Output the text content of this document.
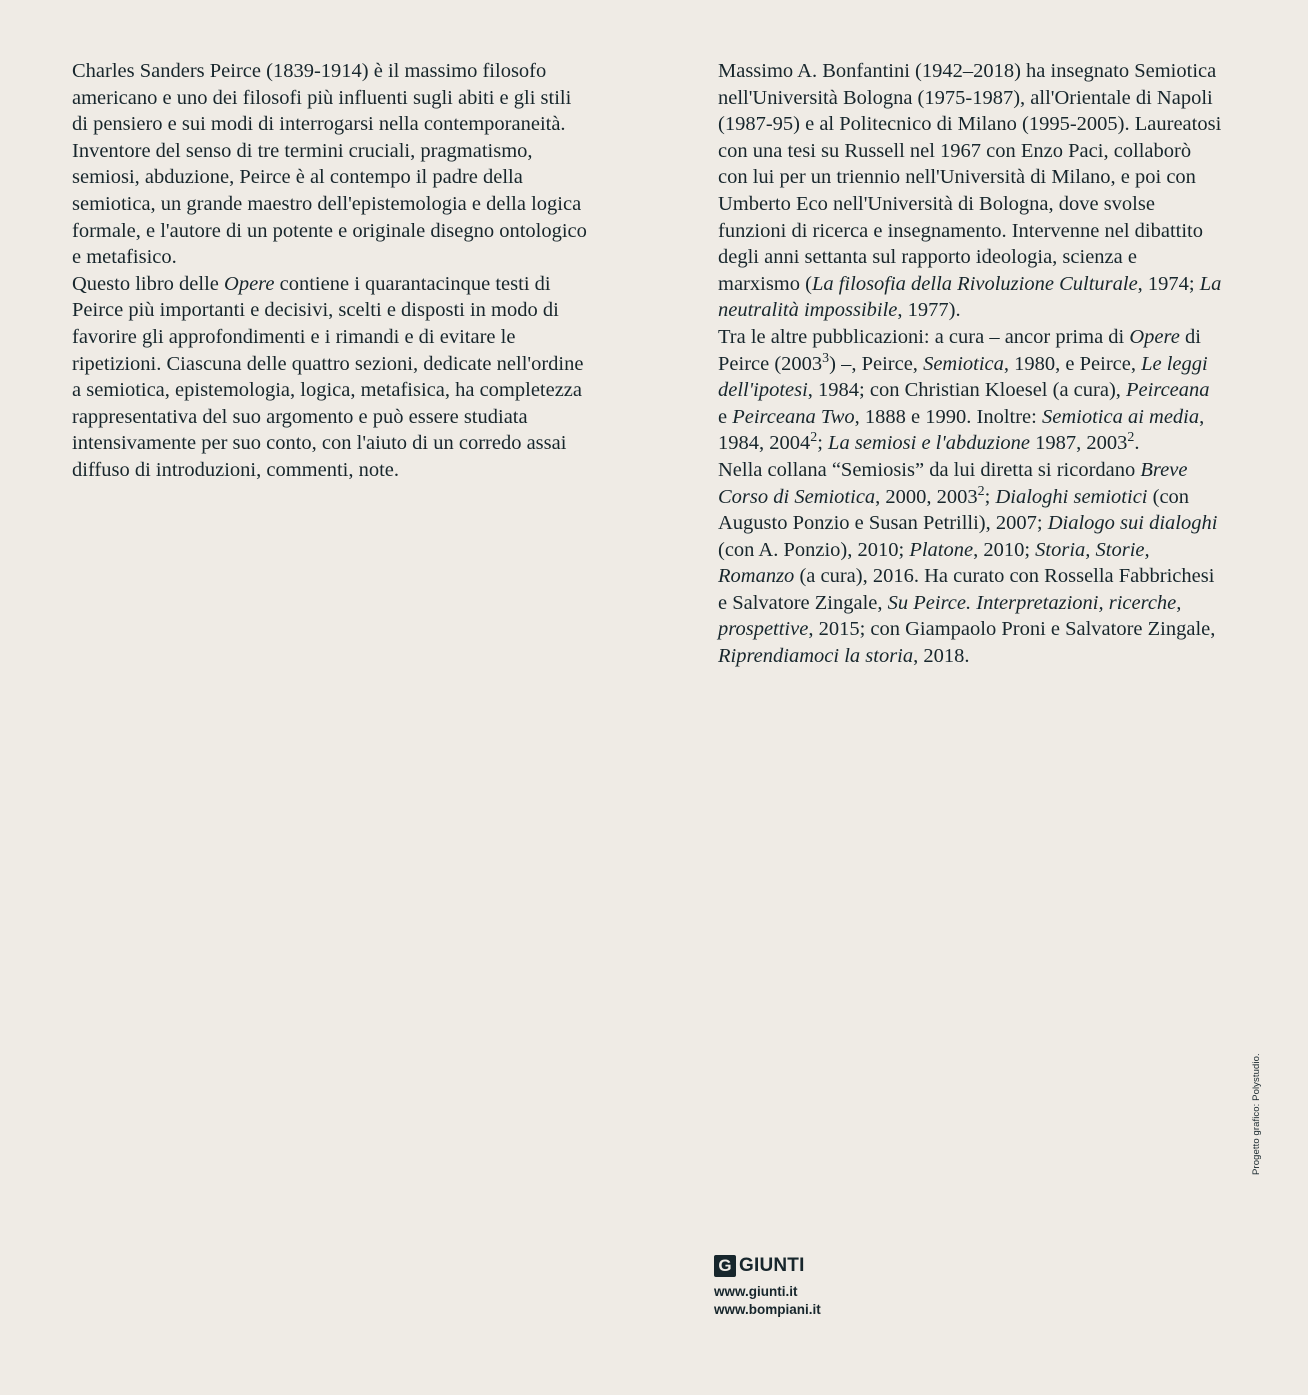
Charles Sanders Peirce (1839-1914) è il massimo filosofo americano e uno dei filosofi più influenti sugli abiti e gli stili di pensiero e sui modi di interrogarsi nella contemporaneità. Inventore del senso di tre termini cruciali, pragmatismo, semiosi, abduzione, Peirce è al contempo il padre della semiotica, un grande maestro dell'epistemologia e della logica formale, e l'autore di un potente e originale disegno ontologico e metafisico.

Questo libro delle Opere contiene i quarantacinque testi di Peirce più importanti e decisivi, scelti e disposti in modo di favorire gli approfondimenti e i rimandi e di evitare le ripetizioni. Ciascuna delle quattro sezioni, dedicate nell'ordine a semiotica, epistemologia, logica, metafisica, ha completezza rappresentativa del suo argomento e può essere studiata intensivamente per suo conto, con l'aiuto di un corredo assai diffuso di introduzioni, commenti, note.

Massimo A. Bonfantini (1942–2018) ha insegnato Semiotica nell'Università Bologna (1975-1987), all'Orientale di Napoli (1987-95) e al Politecnico di Milano (1995-2005). Laureatosi con una tesi su Russell nel 1967 con Enzo Paci, collaborò con lui per un triennio nell'Università di Milano, e poi con Umberto Eco nell'Università di Bologna, dove svolse funzioni di ricerca e insegnamento. Intervenne nel dibattito degli anni settanta sul rapporto ideologia, scienza e marxismo (La filosofia della Rivoluzione Culturale, 1974; La neutralità impossibile, 1977).

Tra le altre pubblicazioni: a cura – ancor prima di Opere di Peirce (2003$^3$) –, Peirce, Semiotica, 1980, e Peirce, Le leggi dell'ipotesi, 1984; con Christian Kloesel (a cura), Peirceana e Peirceana Two, 1888 e 1990. Inoltre: Semiotica ai media, 1984, 2004$^2$; La semiosi e l'abduzione 1987, 2003$^2$.

Nella collana “Semiosis” da lui diretta si ricordano Breve Corso di Semiotica, 2000, 2003$^2$; Dialoghi semiotici (con Augusto Ponzio e Susan Petrilli), 2007; Dialogo sui dialoghi (con A. Ponzio), 2010; Platone, 2010; Storia, Storie, Romanzo (a cura), 2016. Ha curato con Rossella Fabbrichesi e Salvatore Zingale, Su Peirce. Interpretazioni, ricerche, prospettive, 2015; con Giampaolo Proni e Salvatore Zingale, Riprendiamoci la storia, 2018.

G GIUNTI
www.giunti.it
www.bompiani.it
Progetto grafico: Polystudio.
